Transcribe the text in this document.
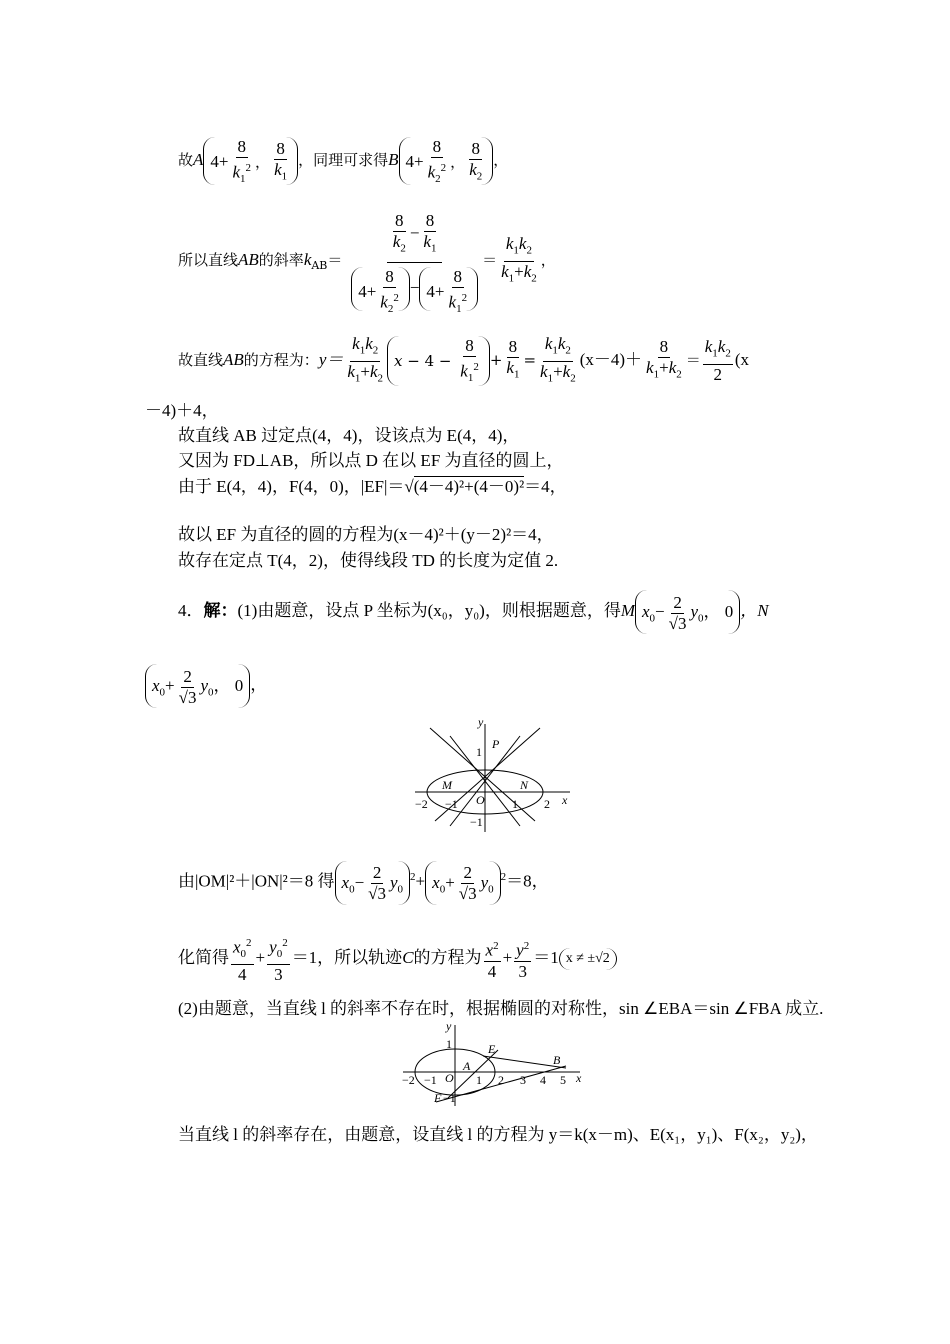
故A $4+ \frac{8}{k_1^2}$ ， $\frac{8}{k_1}$ ，同理可求得B $4+ \frac{8}{k_2^2}$ ， $\frac{8}{k_2}$ ，
所以直线AB的斜率$k_{AB}= \frac{\frac{8}{k_2} - \frac{8}{k_1}}{4+ \frac{8}{k_2^2} - 4+ \frac{8}{k_1^2}} = \frac{k_1k_2}{k_1+k_2}$ ，
故直线AB的方程为：$y= \frac{k_1k_2}{k_1+k_2}$ $x - 4 - \frac{8}{k_1^2} + \frac{8}{k_1} = \frac{k_1k_2}{k_1+k_2} (x-4)+ \frac{8}{k_1+k_2} = \frac{k_1k_2}{2} (x$
－4)＋4，
故直线 AB 过定点(4，4)，设该点为 E(4，4)，
又因为 FD⊥AB，所以点 D 在以 EF 为直径的圆上，
由于 E(4，4)，F(4，0)，|EF|＝√(4－4)²+(4－0)²＝4，
故以 EF 为直径的圆的方程为(x－4)²＋(y－2)²＝4，
故存在定点 T(4，2)，使得线段 TD 的长度为定值 2.
4．解：(1)由题意，设点 P 坐标为(x₀，y₀)，则根据题意，得M $x_0- \frac{2}{√3} y_0$， 0 ，N
$x_0+ \frac{2}{√3} y_0$， 0 ，
y
P
1
M	N
−2 −1 O 1 2 x
−1
由|OM|²＋|ON|²＝8 得 $x_0- \frac{2}{√3} y_0^2+ x_0+ \frac{2}{√3} y_0^2=8$，
化简得 $\frac{x_0^2}{4} + \frac{y_0^2}{3} =1$，所以轨迹C的方程为 $\frac{x^2}{4} + \frac{y^2}{3} =1$ x ≠ ±√2
(2)由题意，当直线 l 的斜率不存在时，根据椭圆的对称性，sin ∠EBA＝sin ∠FBA 成立.
y
1	E
B
A
−2 −1 O 1 2 3 4 5 x
F −1
当直线 l 的斜率存在，由题意，设直线 l 的方程为 y＝k(x－m)、E(x₁，y₁)、F(x₂，y₂)，
